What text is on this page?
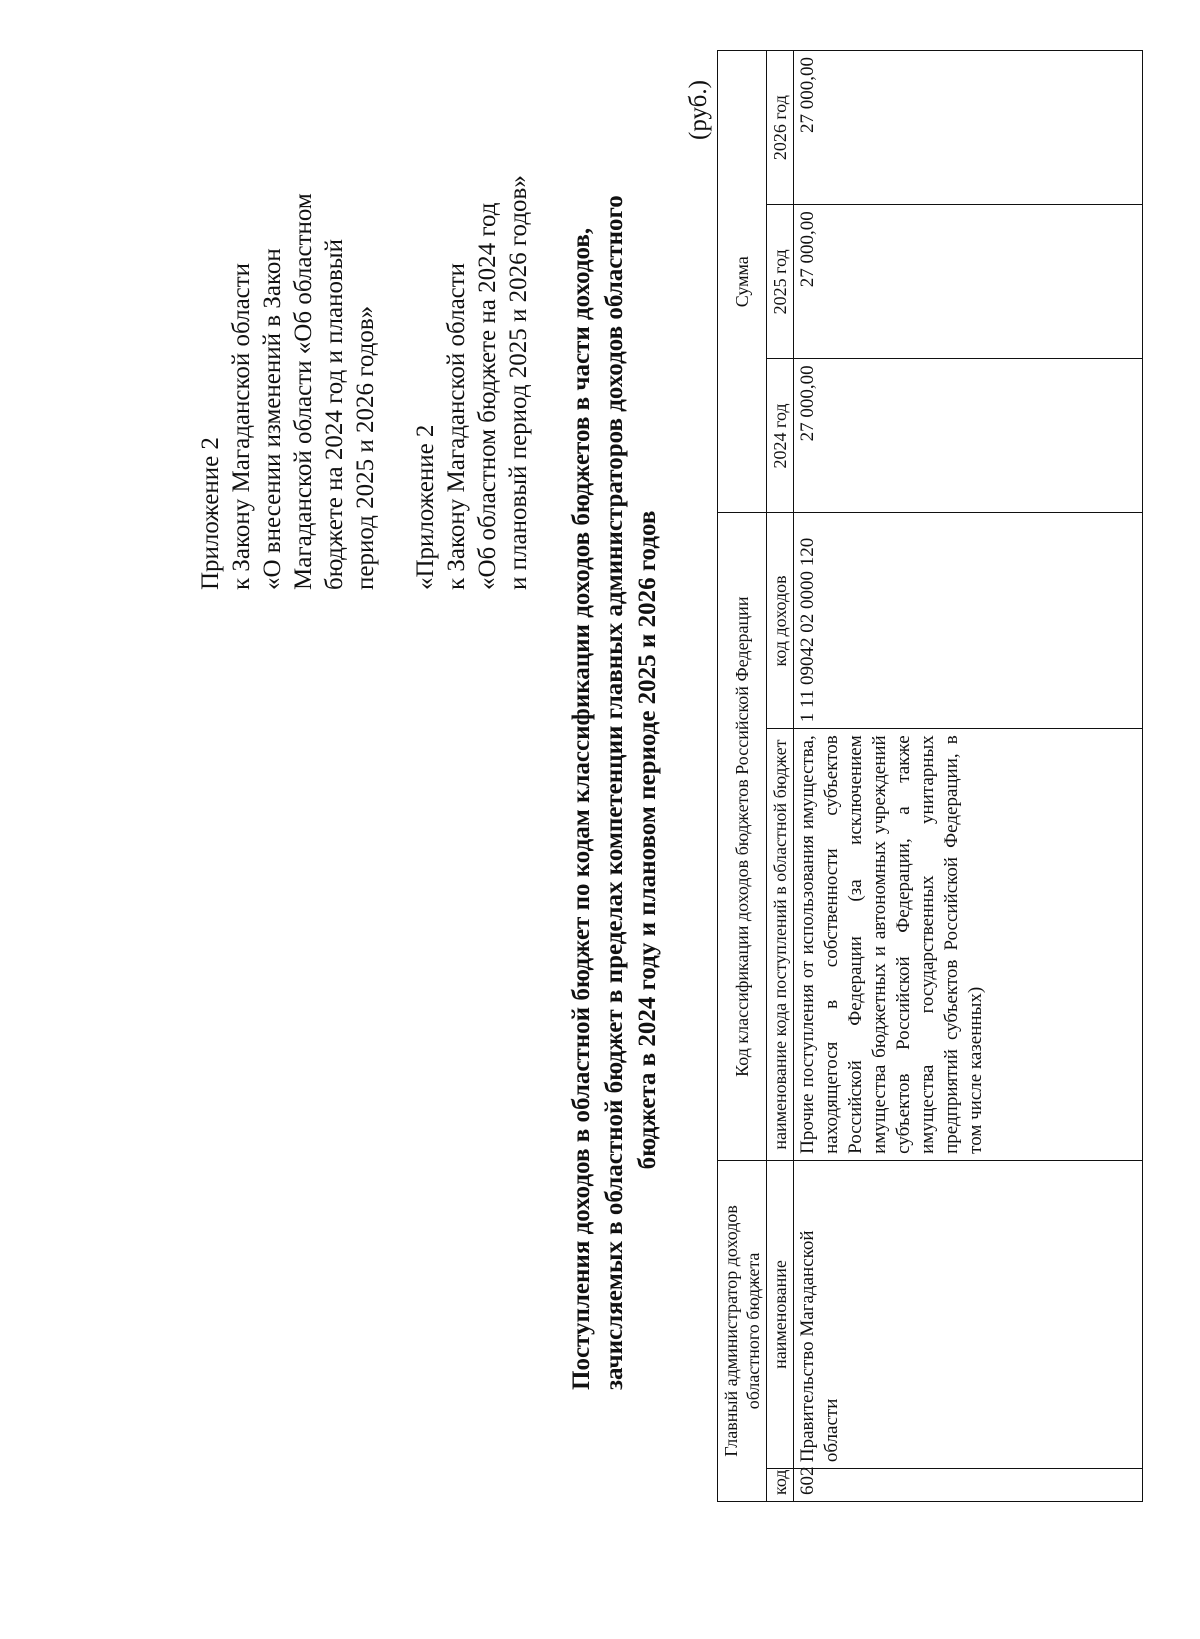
Приложение 2 к Закону Магаданской области «О внесении изменений в Закон Магаданской области «Об областном бюджете на 2024 год и плановый период 2025 и 2026 годов» «Приложение 2 к Закону Магаданской области «Об областном бюджете на 2024 год и плановый период 2025 и 2026 годов» Поступления доходов в областной бюджет по кодам классификации доходов бюджетов в части доходов, зачисляемых в областной бюджет в пределах компетенции главных администраторов доходов областного бюджета в 2024 году и плановом периоде 2025 и 2026 годов
(руб.)
Главный администратор доходов областного бюджета		Код классификации доходов бюджетов Российской Федерации		Сумма		
код	наименование	наименование кода поступлений в областной бюджет	код доходов	2024 год	2025 год	2026 год
602	Правительство Магаданской области	Прочие поступления от использования имущества, находящегося в собственности субъектов Российской Федерации (за исключением имущества бюджетных и автономных учреждений субъектов Российской Федерации, а также имущества государственных унитарных предприятий субъектов Российской Федерации, в том числе казенных)	1 11 09042 02 0000 120	27 000,00	27 000,00	27 000,00
